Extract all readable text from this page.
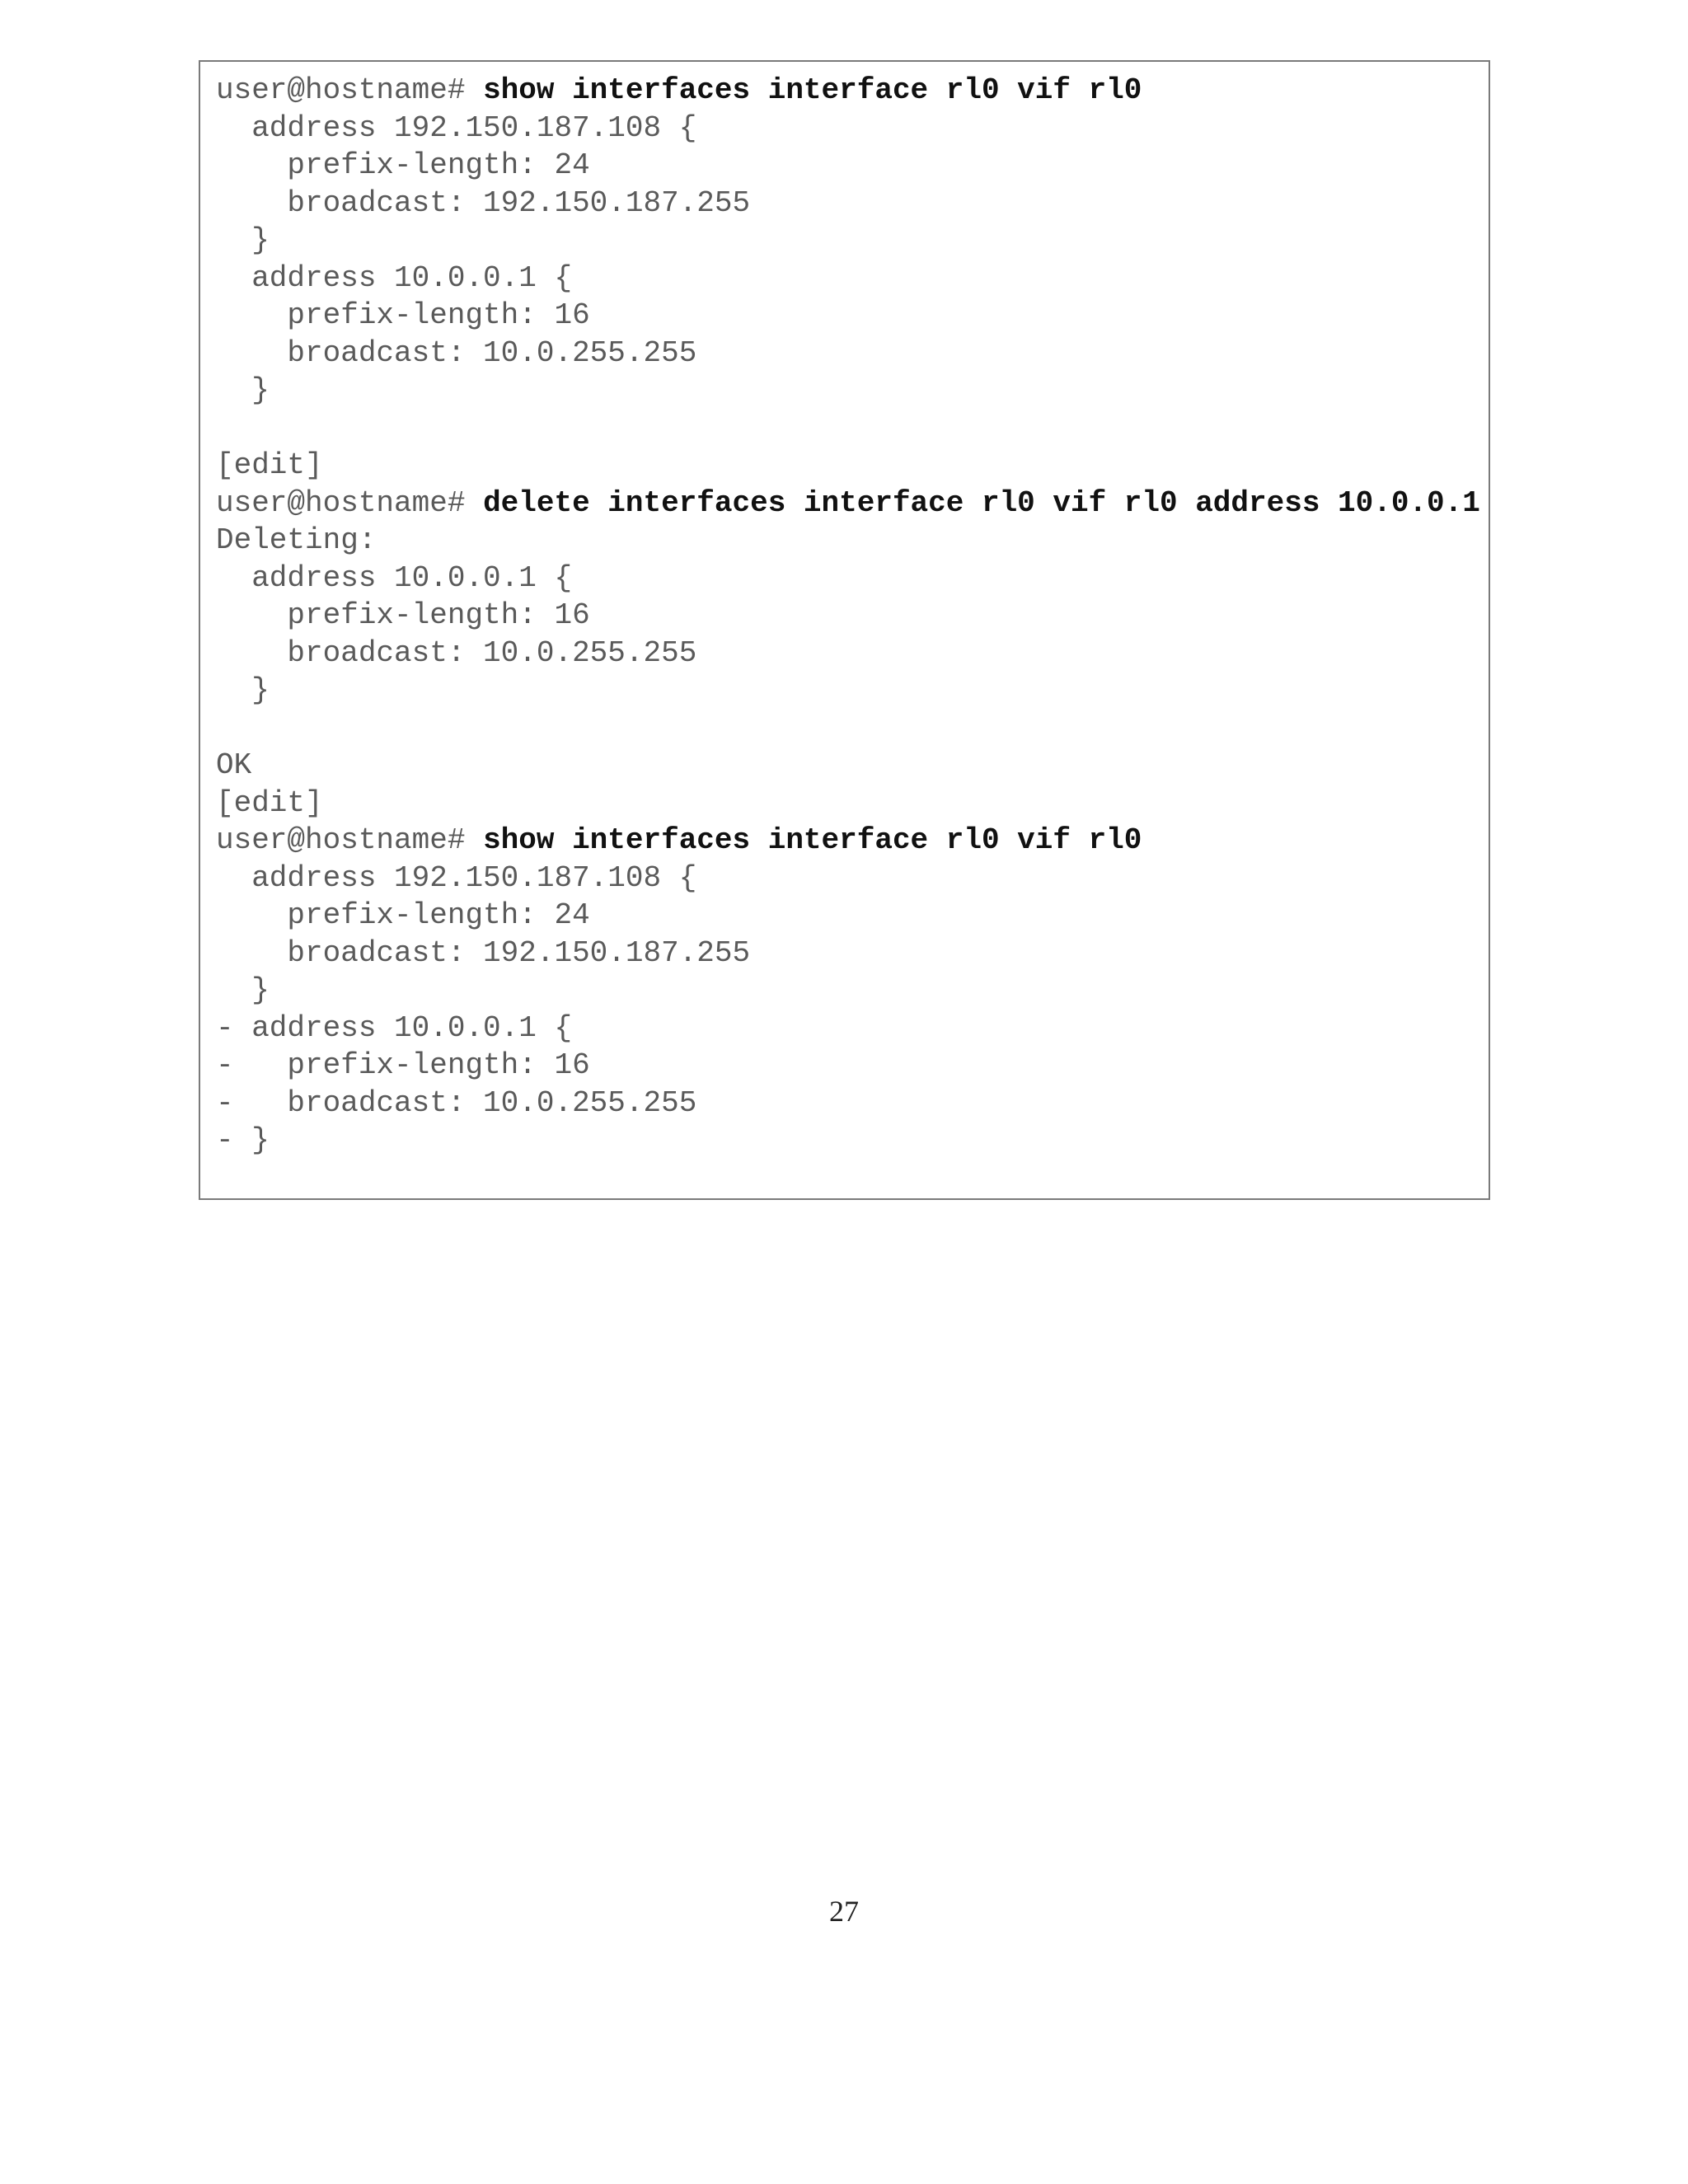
user@hostname# show interfaces interface rl0 vif rl0
address 192.150.187.108 {
prefix-length: 24
broadcast: 192.150.187.255
}
address 10.0.0.1 {
prefix-length: 16
broadcast: 10.0.255.255
}
[edit]
user@hostname# delete interfaces interface rl0 vif rl0 address 10.0.0.1
Deleting:
address 10.0.0.1 {
prefix-length: 16
broadcast: 10.0.255.255
}
OK
[edit]
user@hostname# show interfaces interface rl0 vif rl0
address 192.150.187.108 {
prefix-length: 24
broadcast: 192.150.187.255
}
- address 10.0.0.1 {
-   prefix-length: 16
-   broadcast: 10.0.255.255
- }
27
